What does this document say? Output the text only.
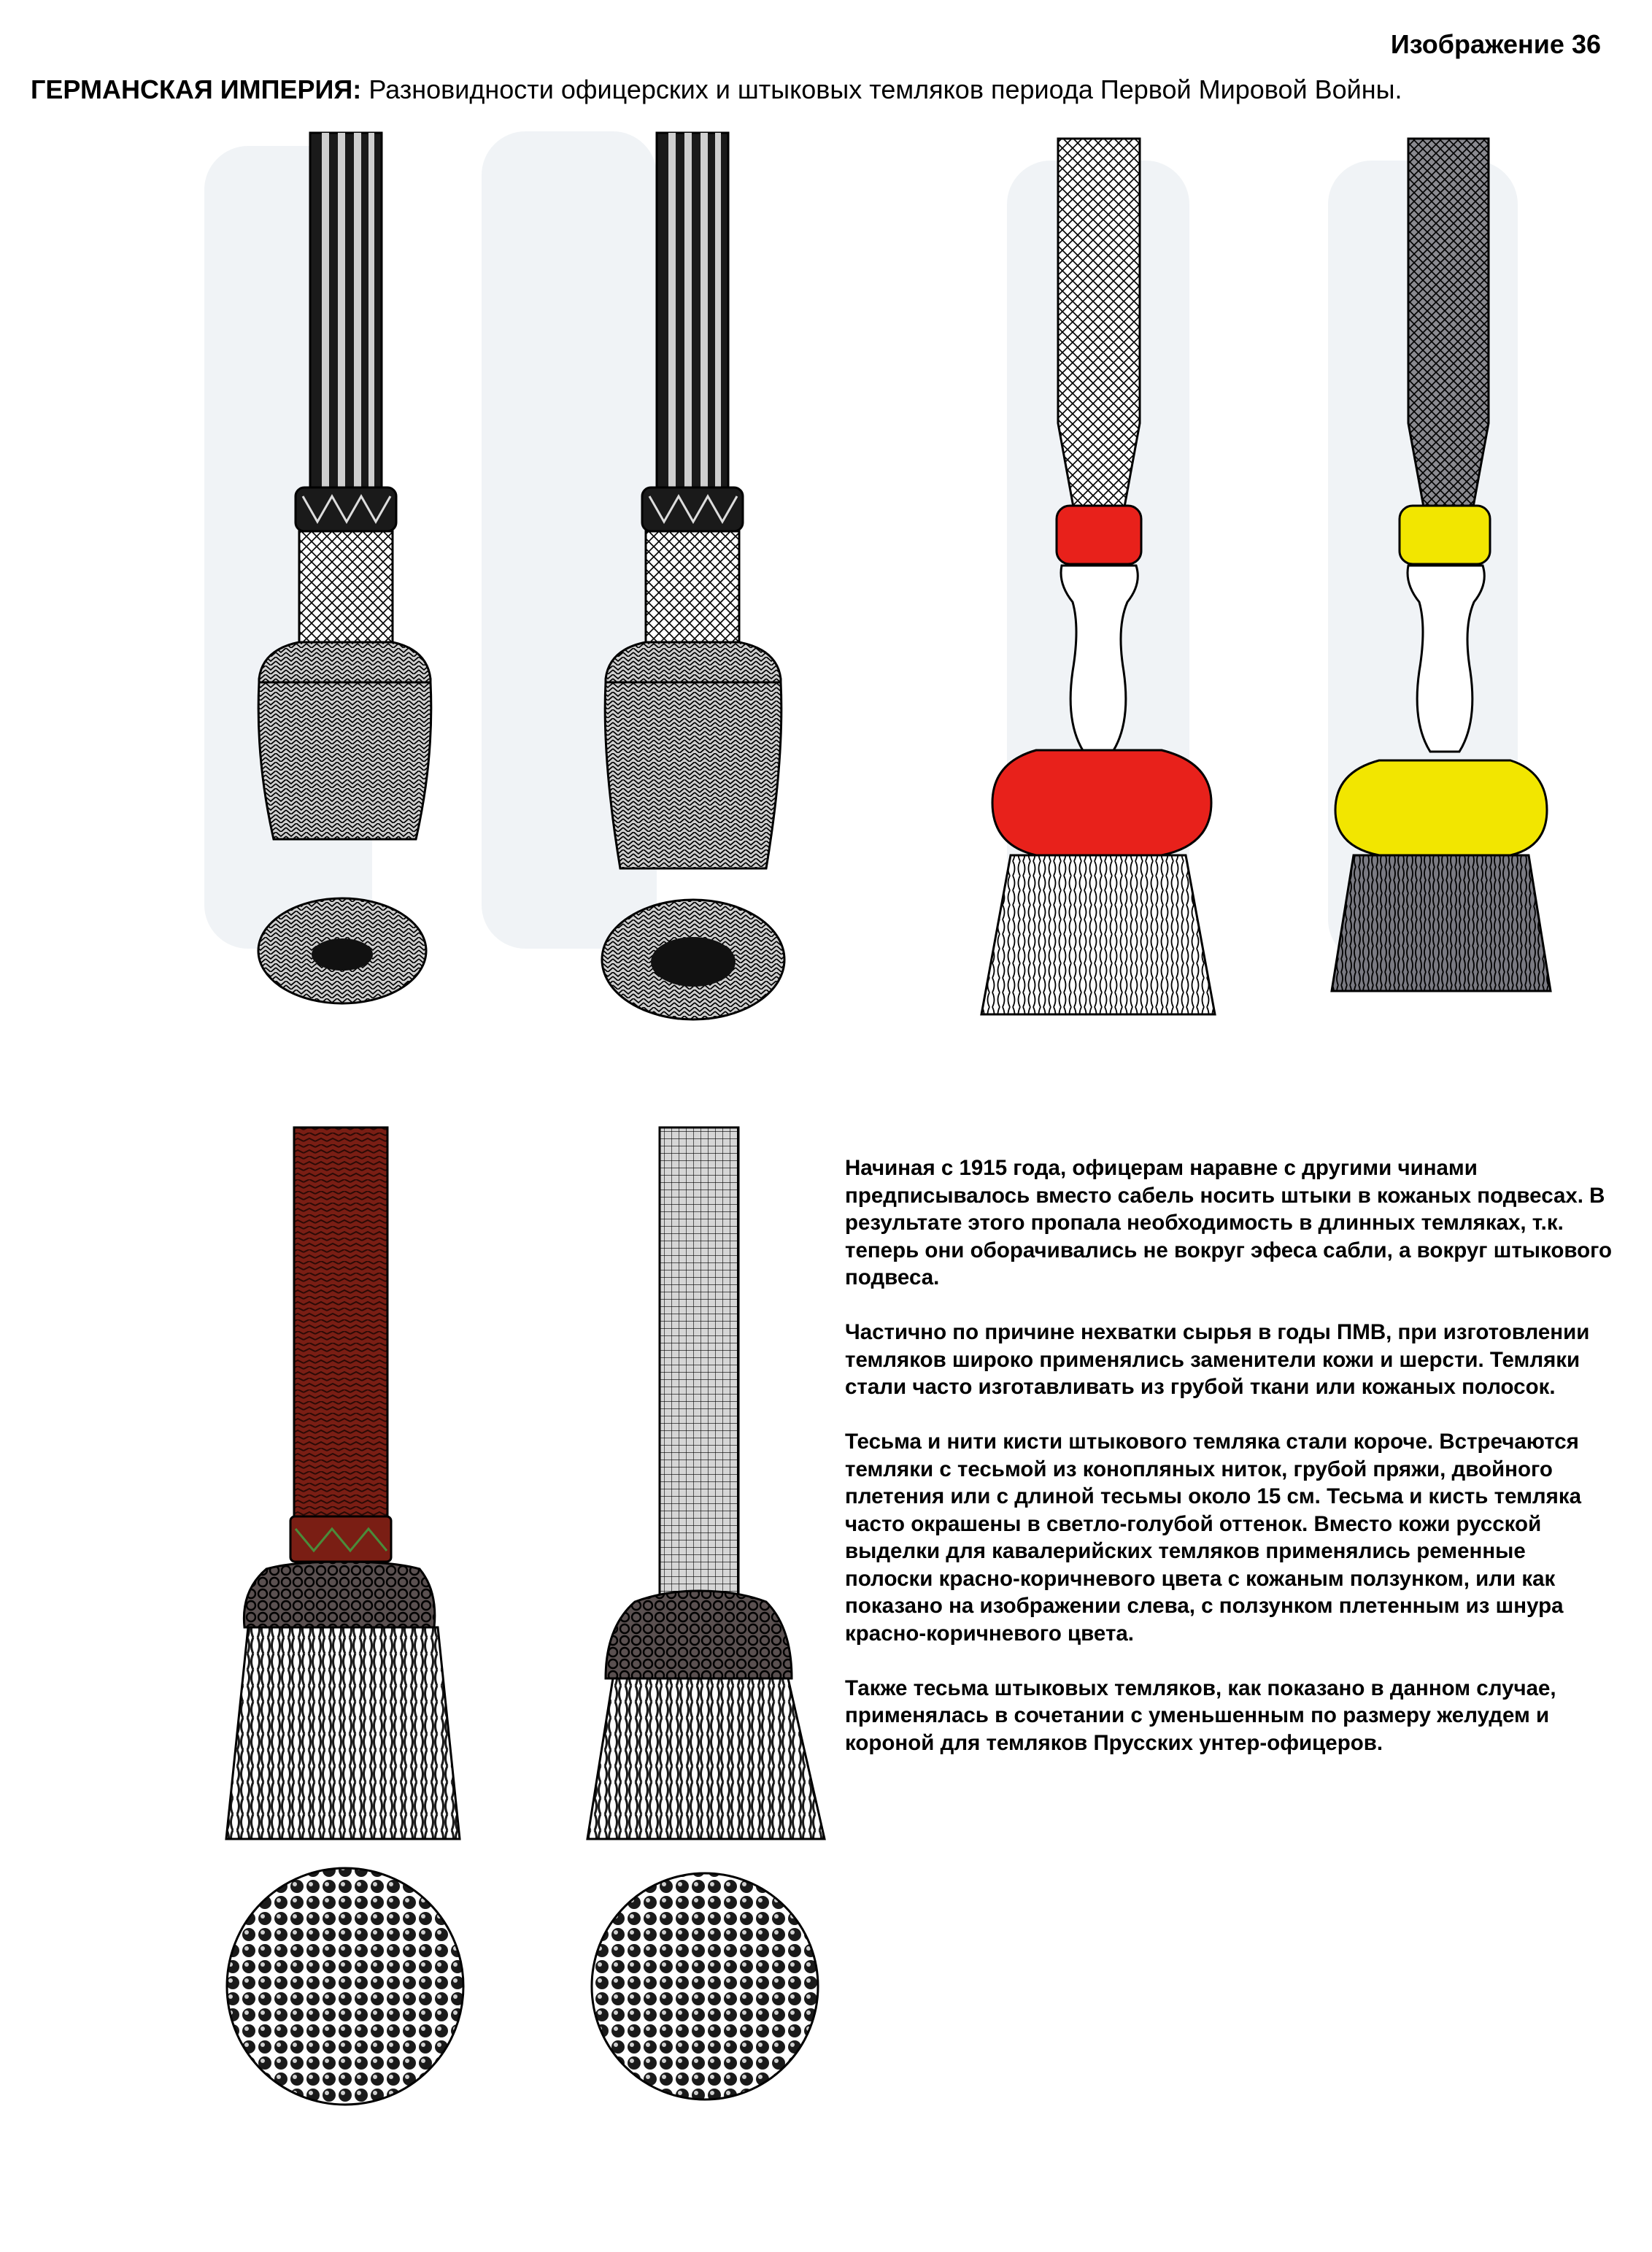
Изображение 36
ГЕРМАНСКАЯ ИМПЕРИЯ: Разновидности офицерских и штыковых темляков периода Первой Мировой Войны.

Начиная с 1915 года, офицерам наравне с другими чинами предписывалось вместо сабель носить штыки в кожаных подвесах. В результате этого пропала необходимость в длинных темляках, т.к. теперь они оборачивались не вокруг эфеса сабли, а вокруг штыкового подвеса.

Частично по причине нехватки сырья в годы ПМВ, при изготовлении темляков широко применялись заменители кожи и шерсти. Темляки стали часто изготавливать из грубой ткани или кожаных полосок.

Тесьма и нити кисти штыкового темляка стали короче. Встречаются темляки с тесьмой из конопляных ниток, грубой пряжи, двойного плетения или с длиной тесьмы около 15 см. Тесьма и кисть темляка часто окрашены в светло-голубой оттенок. Вместо кожи русской выделки для кавалерийских темляков применялись ременные полоски красно-коричневого цвета с кожаным ползунком, или как показано на изображении слева, с ползунком плетенным из шнура красно-коричневого цвета.

Также тесьма штыковых темляков, как показано в данном случае, применялась в сочетании с уменьшенным по размеру желудем и короной для темляков Прусских унтер-офицеров.
